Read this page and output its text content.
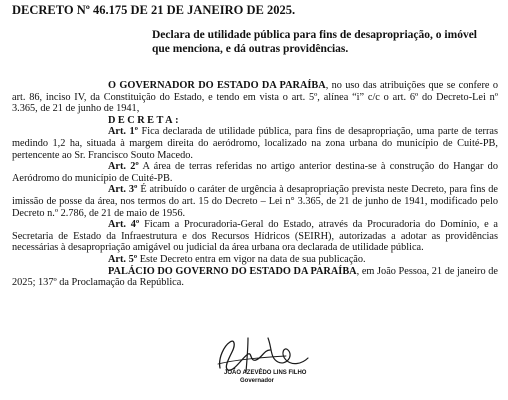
DECRETO Nº 46.175 DE 21 DE JANEIRO DE 2025.
Declara de utilidade pública para fins de desapropriação, o imóvel que menciona, e dá outras providências.

O GOVERNADOR DO ESTADO DA PARAÍBA, no uso das atribuições que se confere o art. 86, inciso IV, da Constituição do Estado, e tendo em vista o art. 5º, alínea “i” c/c o art. 6º do Decreto-Lei nº 3.365, de 21 de junho de 1941,

DECRETA:

Art. 1º Fica declarada de utilidade pública, para fins de desapropriação, uma parte de terras medindo 1,2 ha, situada à margem direita do aeródromo, localizado na zona urbana do município de Cuité-PB, pertencente ao Sr. Francisco Souto Macedo.

Art. 2º A área de terras referidas no artigo anterior destina-se à construção do Hangar do Aeródromo do município de Cuité-PB.

Art. 3º É atribuído o caráter de urgência à desapropriação prevista neste Decreto, para fins de imissão de posse da área, nos termos do art. 15 do Decreto – Lei n° 3.365, de 21 de junho de 1941, modificado pelo Decreto n.º 2.786, de 21 de maio de 1956.

Art. 4º Ficam a Procuradoria-Geral do Estado, através da Procuradoria do Domínio, e a Secretaria de Estado da Infraestrutura e dos Recursos Hídricos (SEIRH), autorizadas a adotar as providências necessárias à desapropriação amigável ou judicial da área urbana ora declarada de utilidade pública.

Art. 5º Este Decreto entra em vigor na data de sua publicação.

PALÁCIO DO GOVERNO DO ESTADO DA PARAÍBA, em João Pessoa, 21 de janeiro de 2025; 137º da Proclamação da República.

JOÃO AZEVÊDO LINS FILHO
Governador
